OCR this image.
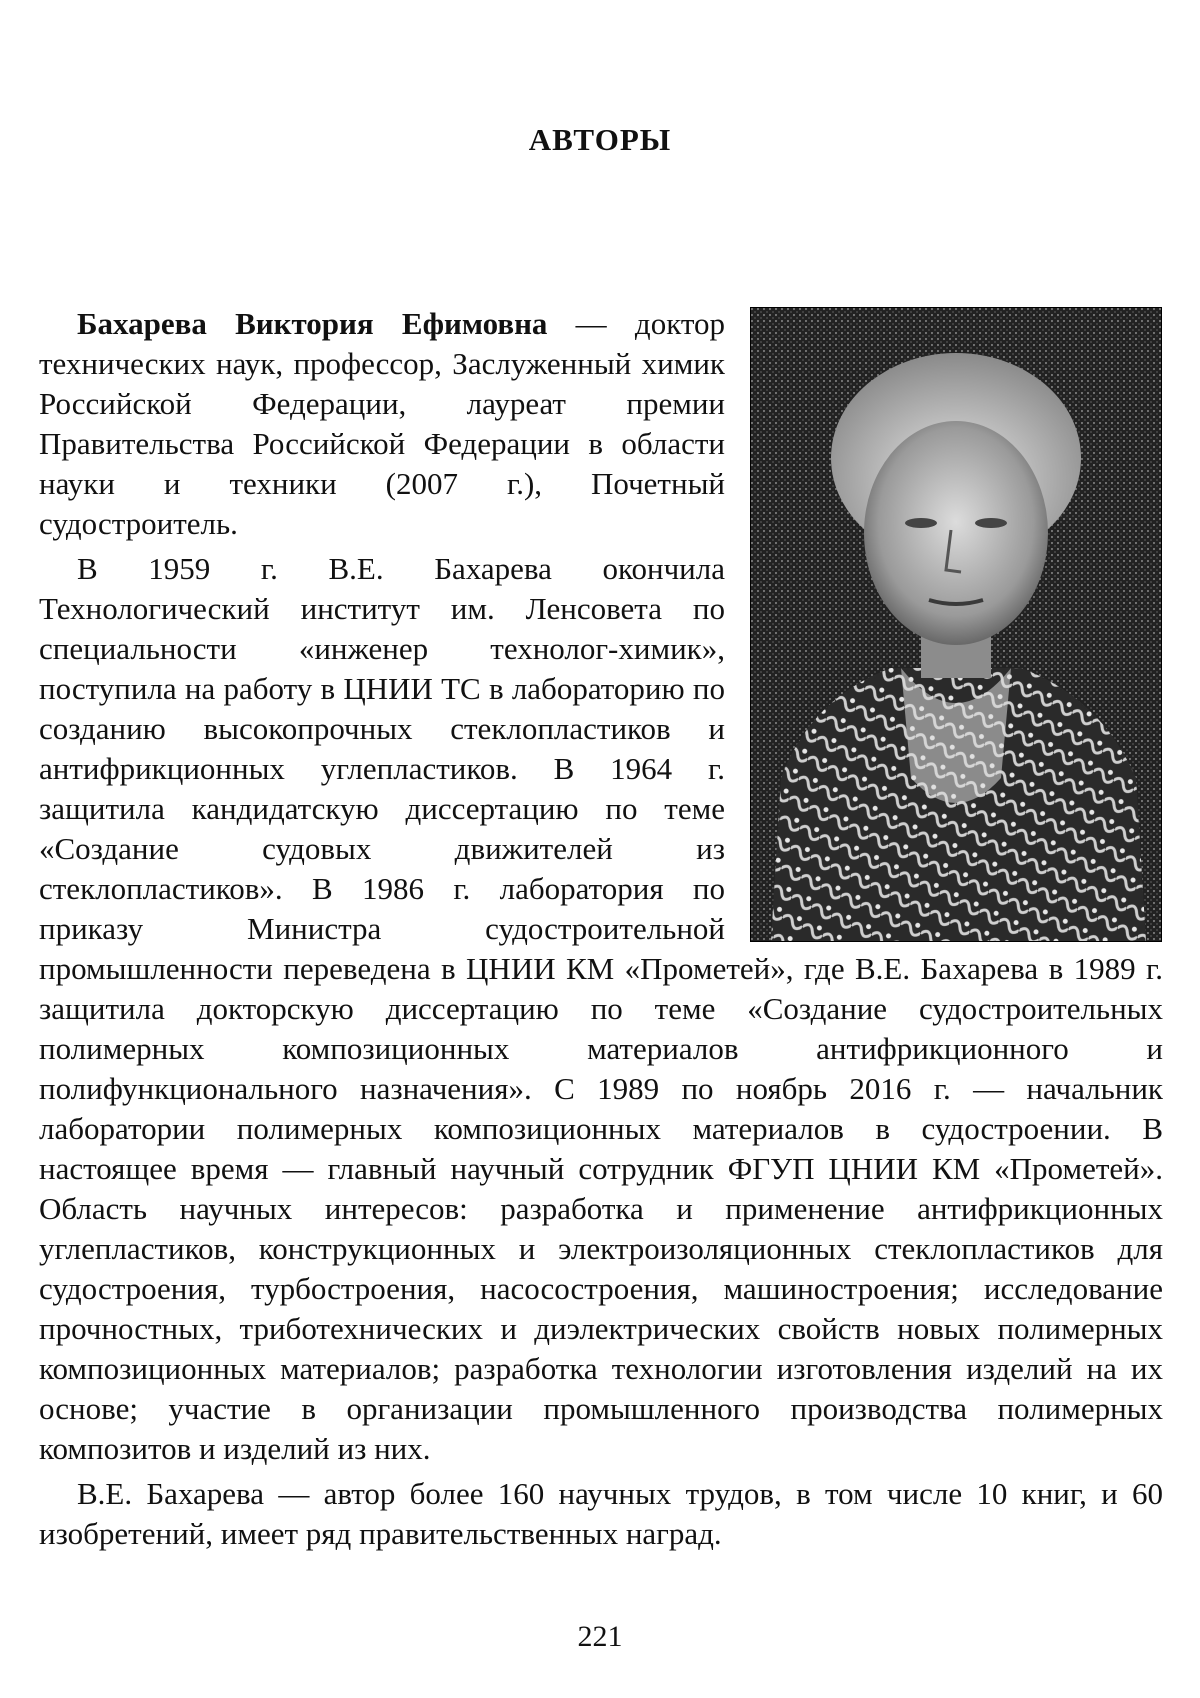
АВТОРЫ

Бахарева Виктория Ефимовна — доктор технических наук, профессор, Заслуженный химик Российской Федерации, лауреат премии Правительства Российской Федерации в области науки и техники (2007 г.), Почетный судостроитель.

В 1959 г. В.Е. Бахарева окончила Технологический институт им. Ленсовета по специальности «инженер технолог-химик», поступила на работу в ЦНИИ ТС в лабораторию по созданию высокопрочных стеклопластиков и антифрикционных углепластиков. В 1964 г. защитила кандидатскую диссертацию по теме «Создание судовых движителей из стеклопластиков». В 1986 г. лаборатория по приказу Министра судостроительной промышленности переведена в ЦНИИ КМ «Прометей», где В.Е. Бахарева в 1989 г. защитила докторскую диссертацию по теме «Создание судостроительных полимерных композиционных материалов антифрикционного и полифункционального назначения». С 1989 по ноябрь 2016 г. — начальник лаборатории полимерных композиционных материалов в судостроении. В настоящее время — главный научный сотрудник ФГУП ЦНИИ КМ «Прометей». Область научных интересов: разработка и применение антифрикционных углепластиков, конструкционных и электроизоляционных стеклопластиков для судостроения, турбостроения, насосостроения, машиностроения; исследование прочностных, триботехнических и диэлектрических свойств новых полимерных композиционных материалов; разработка технологии изготовления изделий на их основе; участие в организации промышленного производства полимерных композитов и изделий из них.

В.Е. Бахарева — автор более 160 научных трудов, в том числе 10 книг, и 60 изобретений, имеет ряд правительственных наград.

221
